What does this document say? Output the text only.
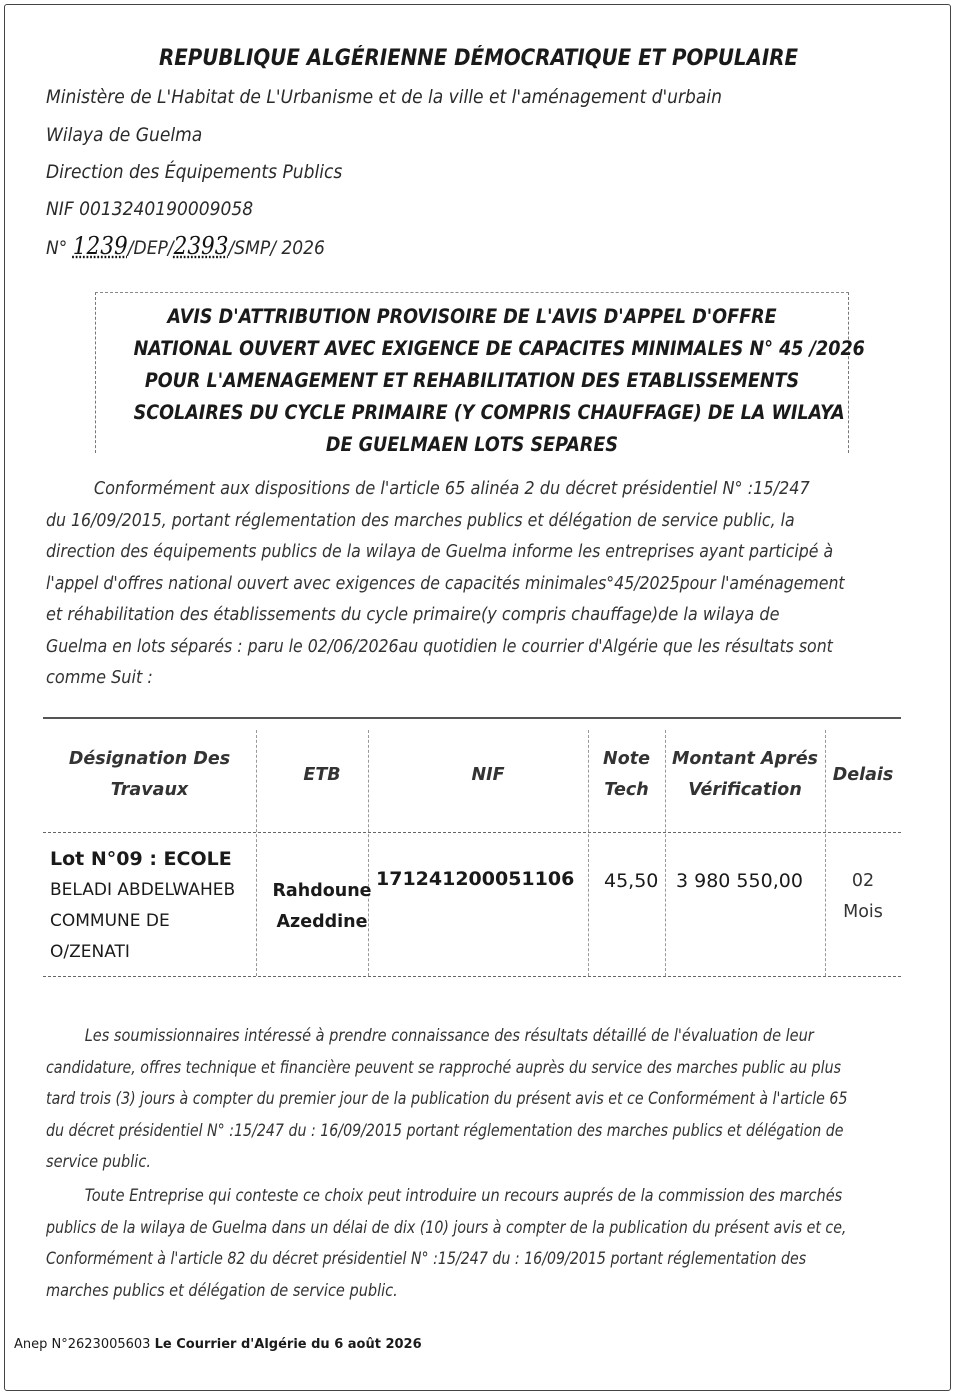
REPUBLIQUE ALGÉRIENNE DÉMOCRATIQUE ET POPULAIRE
Ministère de L'Habitat de L'Urbanisme et de la ville et l'aménagement d'urbain
Wilaya de Guelma
Direction des Équipements Publics
NIF 0013240190009058
N° 1239/DEP/2393/SMP/ 2026
AVIS D'ATTRIBUTION PROVISOIRE DE L'AVIS D'APPEL D'OFFRE
NATIONAL OUVERT AVEC EXIGENCE DE CAPACITES MINIMALES N° 45 /2026
POUR L'AMENAGEMENT ET REHABILITATION DES ETABLISSEMENTS
SCOLAIRES DU CYCLE PRIMAIRE (Y COMPRIS CHAUFFAGE) DE LA WILAYA
DE GUELMAEN LOTS SEPARES
Conformément aux dispositions de l'article 65 alinéa 2 du décret présidentiel N° :15/247
du 16/09/2015, portant réglementation des marches publics et délégation de service public, la
direction des équipements publics de la wilaya de Guelma informe les entreprises ayant participé à
l'appel d'offres national ouvert avec exigences de capacités minimales°45/2025pour l'aménagement
et réhabilitation des établissements du cycle primaire(y compris chauffage)de la wilaya de
Guelma en lots séparés : paru le 02/06/2026au quotidien le courrier d'Algérie que les résultats sont
comme Suit :
Désignation Des
Travaux
ETB	NIF
Note
Tech
Montant Aprés
Vérification
Delais
Lot N°09 : ECOLE
BELADI ABDELWAHEB
COMMUNE DE
O/ZENATI
Rahdoune
Azeddine
171241200051106 45,50 3 980 550,00	02
Mois
Les soumissionnaires intéressé à prendre connaissance des résultats détaillé de l'évaluation de leur
candidature, offres technique et financière peuvent se rapproché auprès du service des marches public au plus
tard trois (3) jours à compter du premier jour de la publication du présent avis et ce Conformément à l'article 65
du décret présidentiel N° :15/247 du : 16/09/2015 portant réglementation des marches publics et délégation de
service public.
Toute Entreprise qui conteste ce choix peut introduire un recours auprés de la commission des marchés
publics de la wilaya de Guelma dans un délai de dix (10) jours à compter de la publication du présent avis et ce,
Conformément à l'article 82 du décret présidentiel N° :15/247 du : 16/09/2015 portant réglementation des
marches publics et délégation de service public.
Anep N°2623005603 Le Courrier d'Algérie du 6 août 2026
